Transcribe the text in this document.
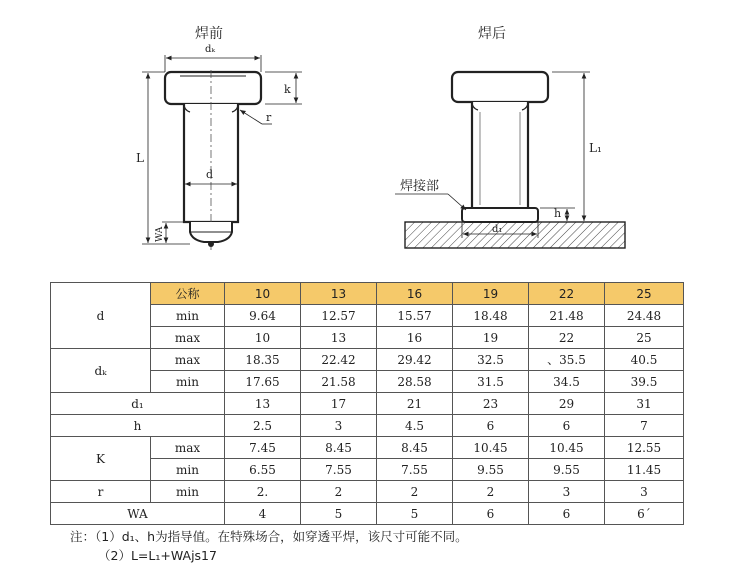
焊前
dₖ
k
r
L
d
WA
焊后
L₁
h
焊接部
d₁
d	公称	10	13	16	19	22	25
	min	9.64	12.57	15.57	18.48	21.48	24.48
	max	10	13	16	19	22	25
dₖ	max	18.35	22.42	29.42	32.5	、35.5	40.5
	min	17.65	21.58	28.58	31.5	34.5	39.5
d₁		13	17	21	23	29	31
h		2.5	3	4.5	6	6	7
K	max	7.45	8.45	8.45	10.45	10.45	12.55
	min	6.55	7.55	7.55	9.55	9.55	11.45
r	min	2.	2	2	2	3	3
WA		4	5	5	6	6	6΄
注：（1）d₁、h为指导值。在特殊场合，如穿透平焊，该尺寸可能不同。
（2）L=L₁+WAjs17
